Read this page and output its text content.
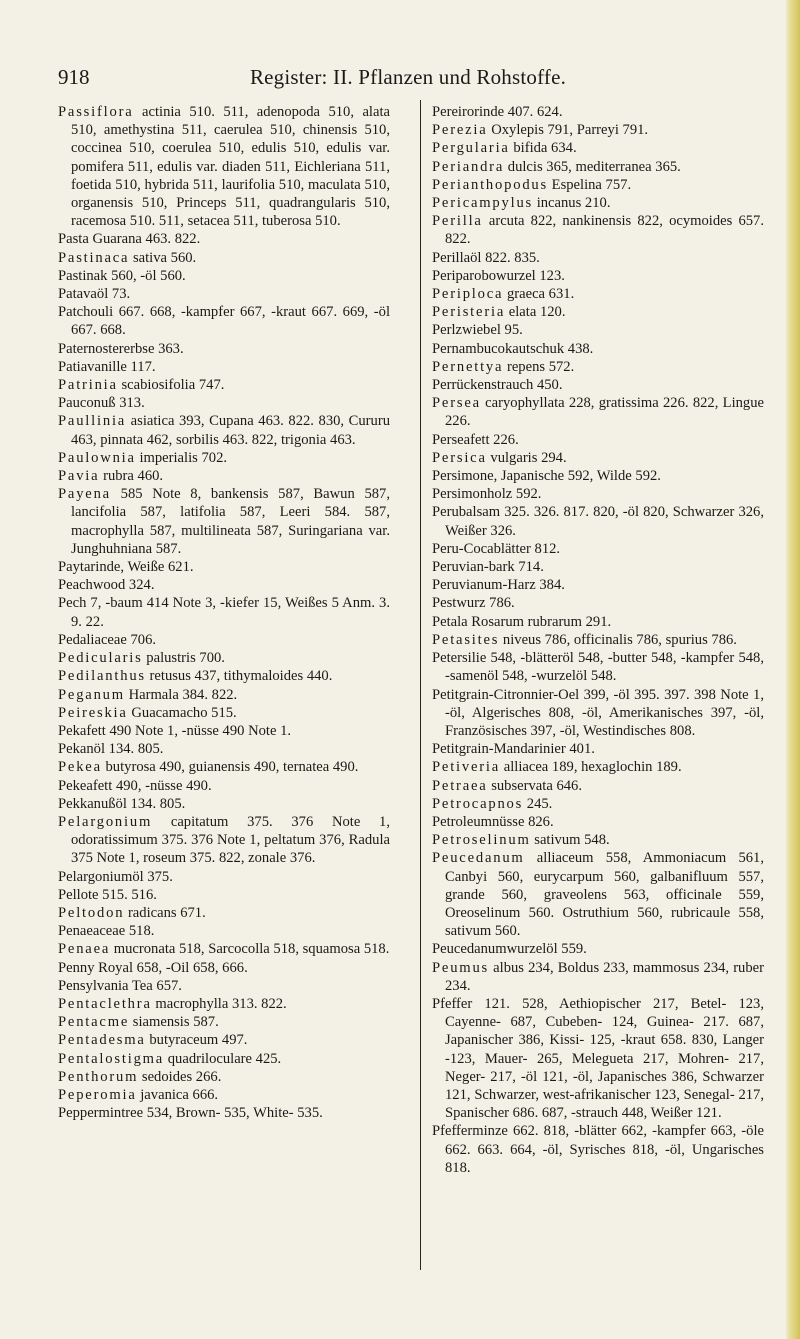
918	Register: II. Pflanzen und Rohstoffe.

Passiflora actinia 510. 511, adenopoda 510, alata 510, amethystina 511, caerulea 510, chinensis 510, coccinea 510, coerulea 510, edulis 510, edulis var. pomifera 511, edulis var. diaden 511, Eichleriana 511, foetida 510, hybrida 511, laurifolia 510, maculata 510, organensis 510, Princeps 511, quadrangularis 510, racemosa 510. 511, setacea 511, tuberosa 510.

Pasta Guarana 463. 822.

Pastinaca sativa 560.

Pastinak 560, -öl 560.

Patavaöl 73.

Patchouli 667. 668, -kampfer 667, -kraut 667. 669, -öl 667. 668.

Paternostererbse 363.

Patiavanille 117.

Patrinia scabiosifolia 747.

Pauconuß 313.

Paullinia asiatica 393, Cupana 463. 822. 830, Cururu 463, pinnata 462, sorbilis 463. 822, trigonia 463.

Paulownia imperialis 702.

Pavia rubra 460.

Payena 585 Note 8, bankensis 587, Bawun 587, lancifolia 587, latifolia 587, Leeri 584. 587, macrophylla 587, multilineata 587, Suringariana var. Junghuhniana 587.

Paytarinde, Weiße 621.

Peachwood 324.

Pech 7, -baum 414 Note 3, -kiefer 15, Weißes 5 Anm. 3. 9. 22.

Pedaliaceae 706.

Pedicularis palustris 700.

Pedilanthus retusus 437, tithymaloides 440.

Peganum Harmala 384. 822.

Peireskia Guacamacho 515.

Pekafett 490 Note 1, -nüsse 490 Note 1.

Pekanöl 134. 805.

Pekea butyrosa 490, guianensis 490, ternatea 490.

Pekeafett 490, -nüsse 490.

Pekkanußöl 134. 805.

Pelargonium capitatum 375. 376 Note 1, odoratissimum 375. 376 Note 1, peltatum 376, Radula 375 Note 1, roseum 375. 822, zonale 376.

Pelargoniumöl 375.

Pellote 515. 516.

Peltodon radicans 671.

Penaeaceae 518.

Penaea mucronata 518, Sarcocolla 518, squamosa 518.

Penny Royal 658, -Oil 658, 666.

Pensylvania Tea 657.

Pentaclethra macrophylla 313. 822.

Pentacme siamensis 587.

Pentadesma butyraceum 497.

Pentalostigma quadriloculare 425.

Penthorum sedoides 266.

Peperomia javanica 666.

Peppermintree 534, Brown- 535, White- 535.

Pereirorinde 407. 624.

Perezia Oxylepis 791, Parreyi 791.

Pergularia bifida 634.

Periandra dulcis 365, mediterranea 365.

Perianthopodus Espelina 757.

Pericampylus incanus 210.

Perilla arcuta 822, nankinensis 822, ocymoides 657. 822.

Perillaöl 822. 835.

Periparobowurzel 123.

Periploca graeca 631.

Peristeria elata 120.

Perlzwiebel 95.

Pernambucokautschuk 438.

Pernettya repens 572.

Perrückenstrauch 450.

Persea caryophyllata 228, gratissima 226. 822, Lingue 226.

Perseafett 226.

Persica vulgaris 294.

Persimone, Japanische 592, Wilde 592.

Persimonholz 592.

Perubalsam 325. 326. 817. 820, -öl 820, Schwarzer 326, Weißer 326.

Peru-Cocablätter 812.

Peruvian-bark 714.

Peruvianum-Harz 384.

Pestwurz 786.

Petala Rosarum rubrarum 291.

Petasites niveus 786, officinalis 786, spurius 786.

Petersilie 548, -blätteröl 548, -butter 548, -kampfer 548, -samenöl 548, -wurzelöl 548.

Petitgrain-Citronnier-Oel 399, -öl 395. 397. 398 Note 1, -öl, Algerisches 808, -öl, Amerikanisches 397, -öl, Französisches 397, -öl, Westindisches 808.

Petitgrain-Mandarinier 401.

Petiveria alliacea 189, hexaglochin 189.

Petraea subservata 646.

Petrocapnos 245.

Petroleumnüsse 826.

Petroselinum sativum 548.

Peucedanum alliaceum 558, Ammoniacum 561, Canbyi 560, eurycarpum 560, galbanifluum 557, grande 560, graveolens 563, officinale 559, Oreoselinum 560. Ostruthium 560, rubricaule 558, sativum 560.

Peucedanumwurzelöl 559.

Peumus albus 234, Boldus 233, mammosus 234, ruber 234.

Pfeffer 121. 528, Aethiopischer 217, Betel- 123, Cayenne- 687, Cubeben- 124, Guinea- 217. 687, Japanischer 386, Kissi- 125, -kraut 658. 830, Langer -123, Mauer- 265, Melegueta 217, Mohren- 217, Neger- 217, -öl 121, -öl, Japanisches 386, Schwarzer 121, Schwarzer, west-afrikanischer 123, Senegal- 217, Spanischer 686. 687, -strauch 448, Weißer 121.

Pfefferminze 662. 818, -blätter 662, -kampfer 663, -öle 662. 663. 664, -öl, Syrisches 818, -öl, Ungarisches 818.
